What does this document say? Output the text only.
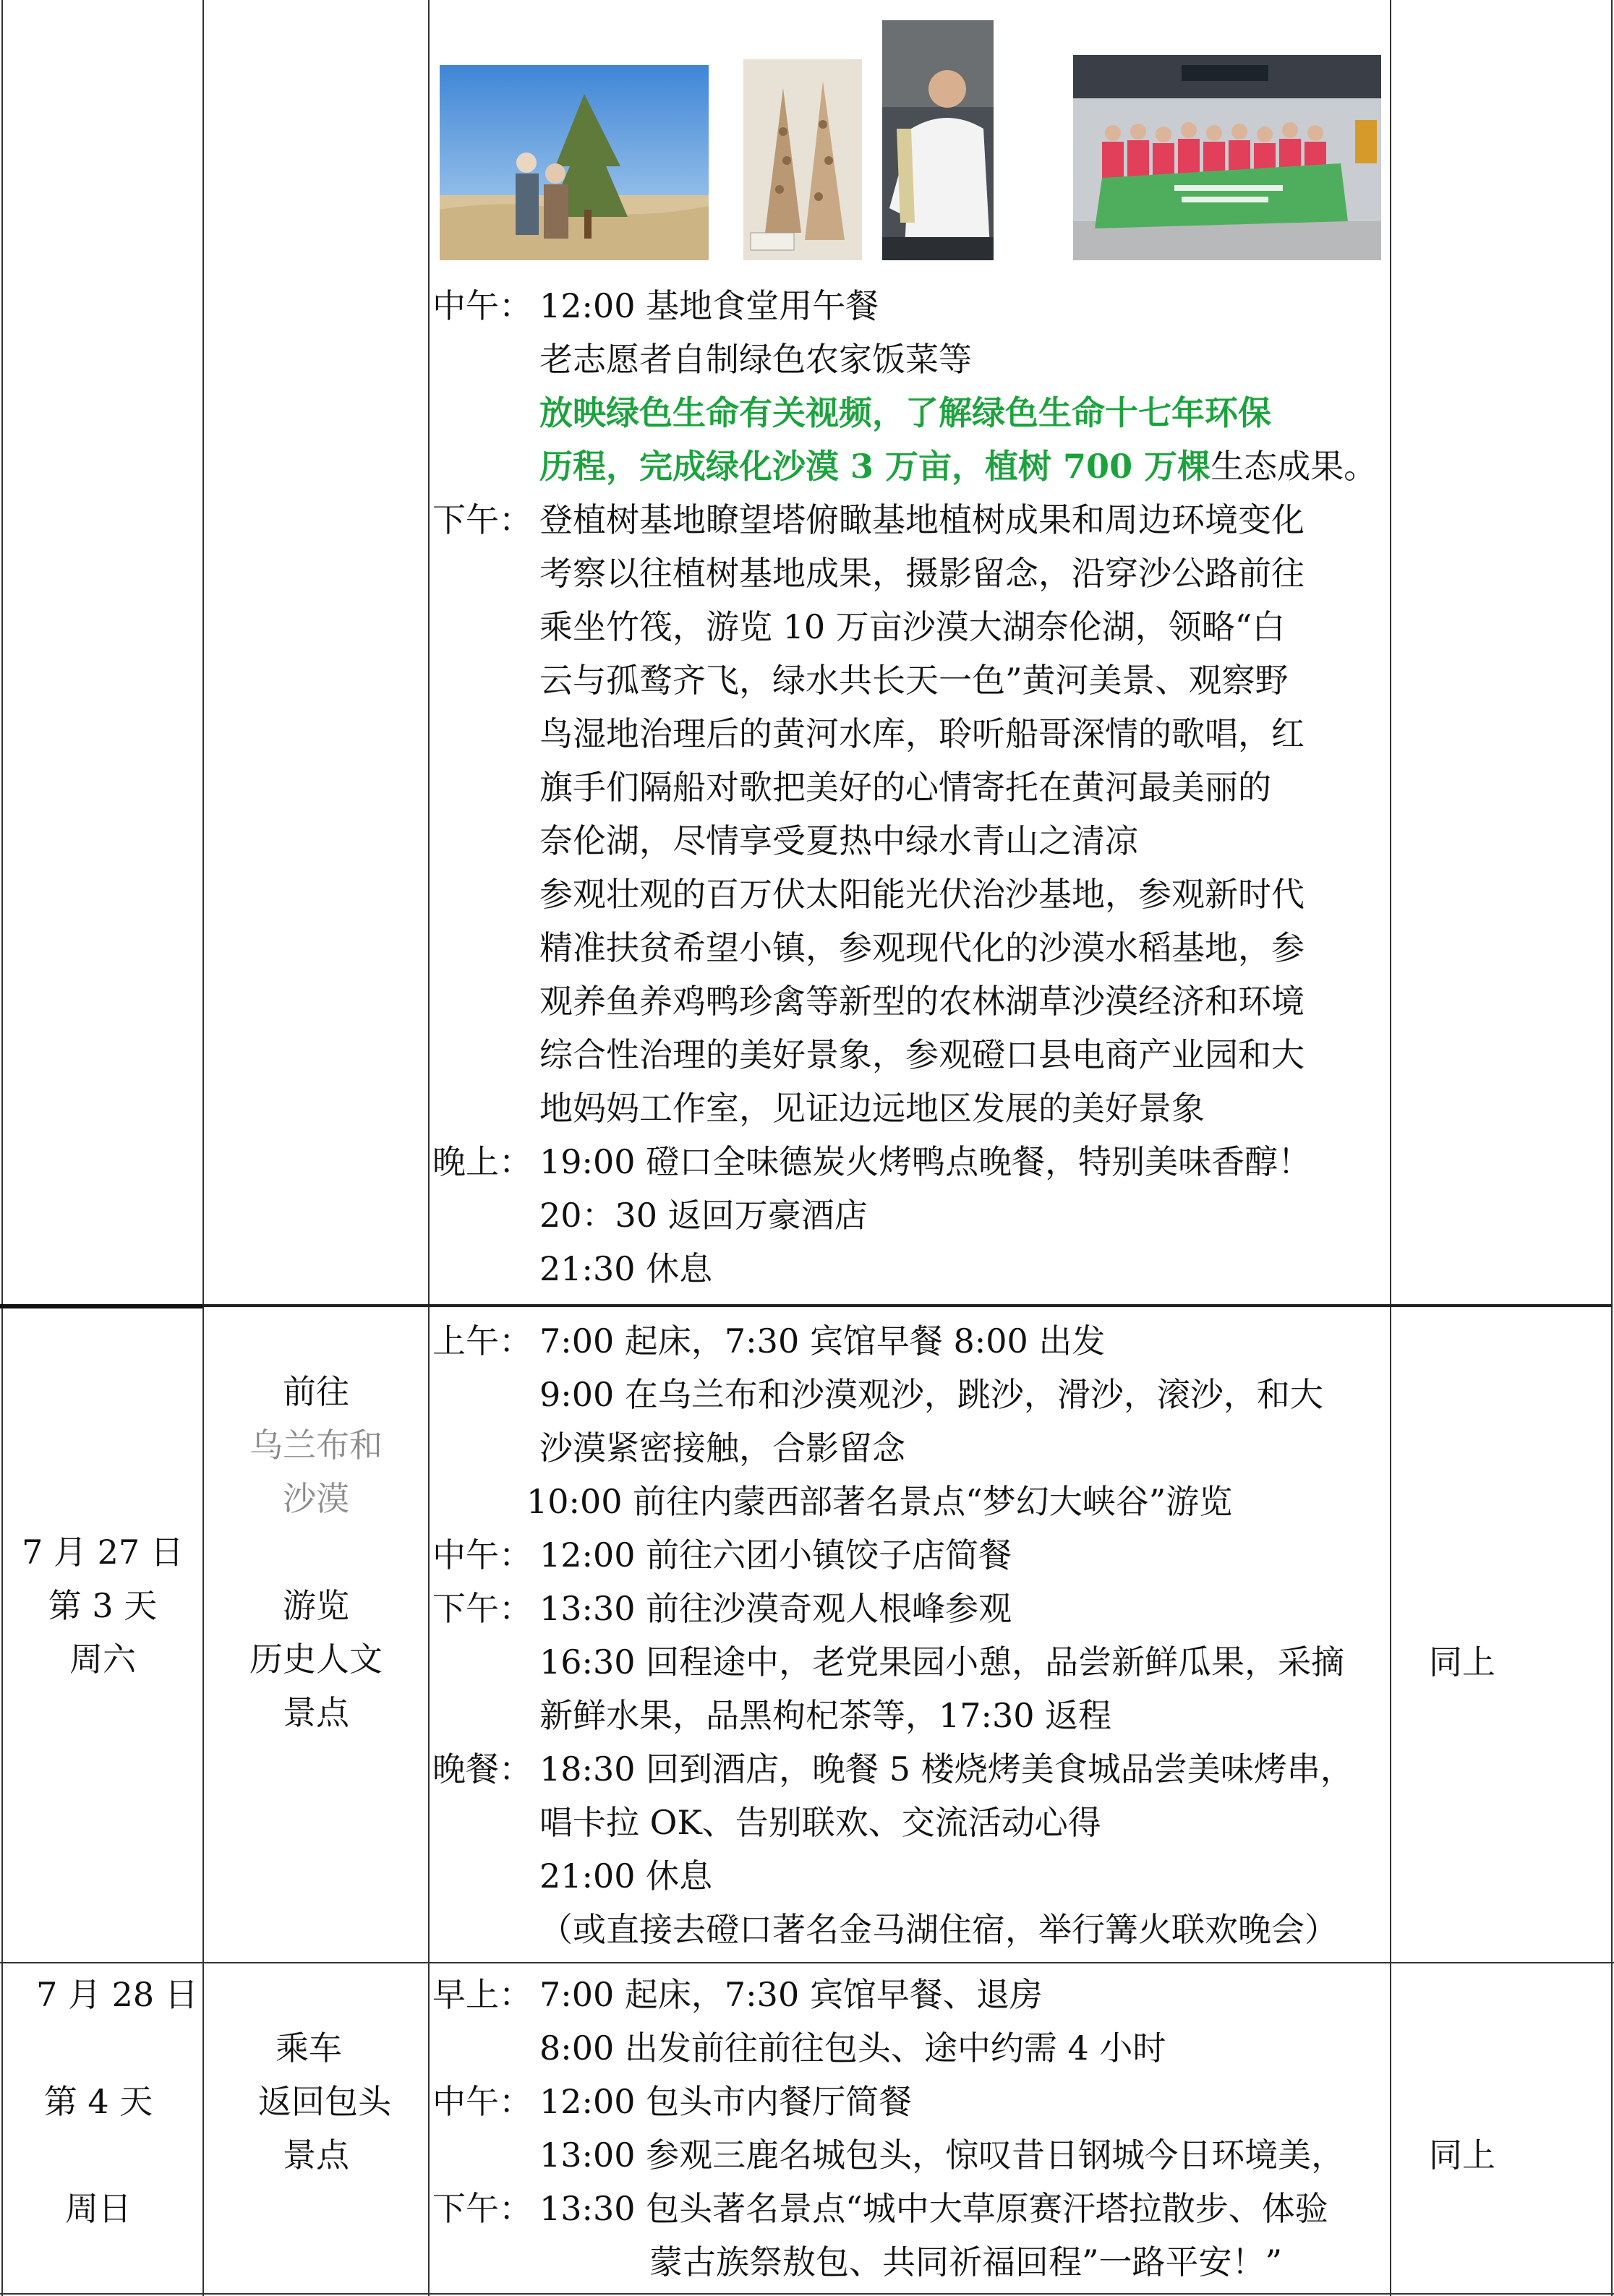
中午： 12:00 基地食堂用午餐
老志愿者自制绿色农家饭菜等
放映绿色生命有关视频，了解绿色生命十七年环保
历程，完成绿化沙漠 3 万亩，植树 700 万棵生态成果。
下午： 登植树基地瞭望塔俯瞰基地植树成果和周边环境变化
考察以往植树基地成果，摄影留念，沿穿沙公路前往
乘坐竹筏，游览 10 万亩沙漠大湖奈伦湖，领略“白
云与孤鹜齐飞，绿水共长天一色”黄河美景、观察野
鸟湿地治理后的黄河水库，聆听船哥深情的歌唱，红
旗手们隔船对歌把美好的心情寄托在黄河最美丽的
奈伦湖，尽情享受夏热中绿水青山之清凉
参观壮观的百万伏太阳能光伏治沙基地，参观新时代
精准扶贫希望小镇，参观现代化的沙漠水稻基地，参
观养鱼养鸡鸭珍禽等新型的农林湖草沙漠经济和环境
综合性治理的美好景象，参观磴口县电商产业园和大
地妈妈工作室，见证边远地区发展的美好景象
晚上： 19:00 磴口全味德炭火烤鸭点晚餐，特别美味香醇！
20：30 返回万豪酒店
21:30 休息
7 月 27 日
第 3 天
周六
前往
乌兰布和
沙漠
游览
历史人文
景点
上午： 7:00 起床，7:30 宾馆早餐 8:00 出发
9:00 在乌兰布和沙漠观沙，跳沙，滑沙，滚沙，和大
沙漠紧密接触，合影留念
10:00 前往内蒙西部著名景点“梦幻大峡谷”游览
中午： 12:00 前往六团小镇饺子店简餐
下午： 13:30 前往沙漠奇观人根峰参观
16:30 回程途中，老党果园小憩，品尝新鲜瓜果，采摘
新鲜水果，品黑枸杞茶等，17:30 返程
晚餐： 18:30 回到酒店，晚餐 5 楼烧烤美食城品尝美味烤串，
唱卡拉 OK、告别联欢、交流活动心得
21:00 休息
（或直接去磴口著名金马湖住宿，举行篝火联欢晚会）
同上
7 月 28 日
第 4 天
周日
乘车
返回包头
景点
早上： 7:00 起床，7:30 宾馆早餐、退房
8:00 出发前往前往包头、途中约需 4 小时
中午： 12:00 包头市内餐厅简餐
13:00 参观三鹿名城包头，惊叹昔日钢城今日环境美，
下午： 13:30 包头著名景点“城中大草原赛汗塔拉散步、体验
蒙古族祭敖包、共同祈福回程”一路平安！”
同上
